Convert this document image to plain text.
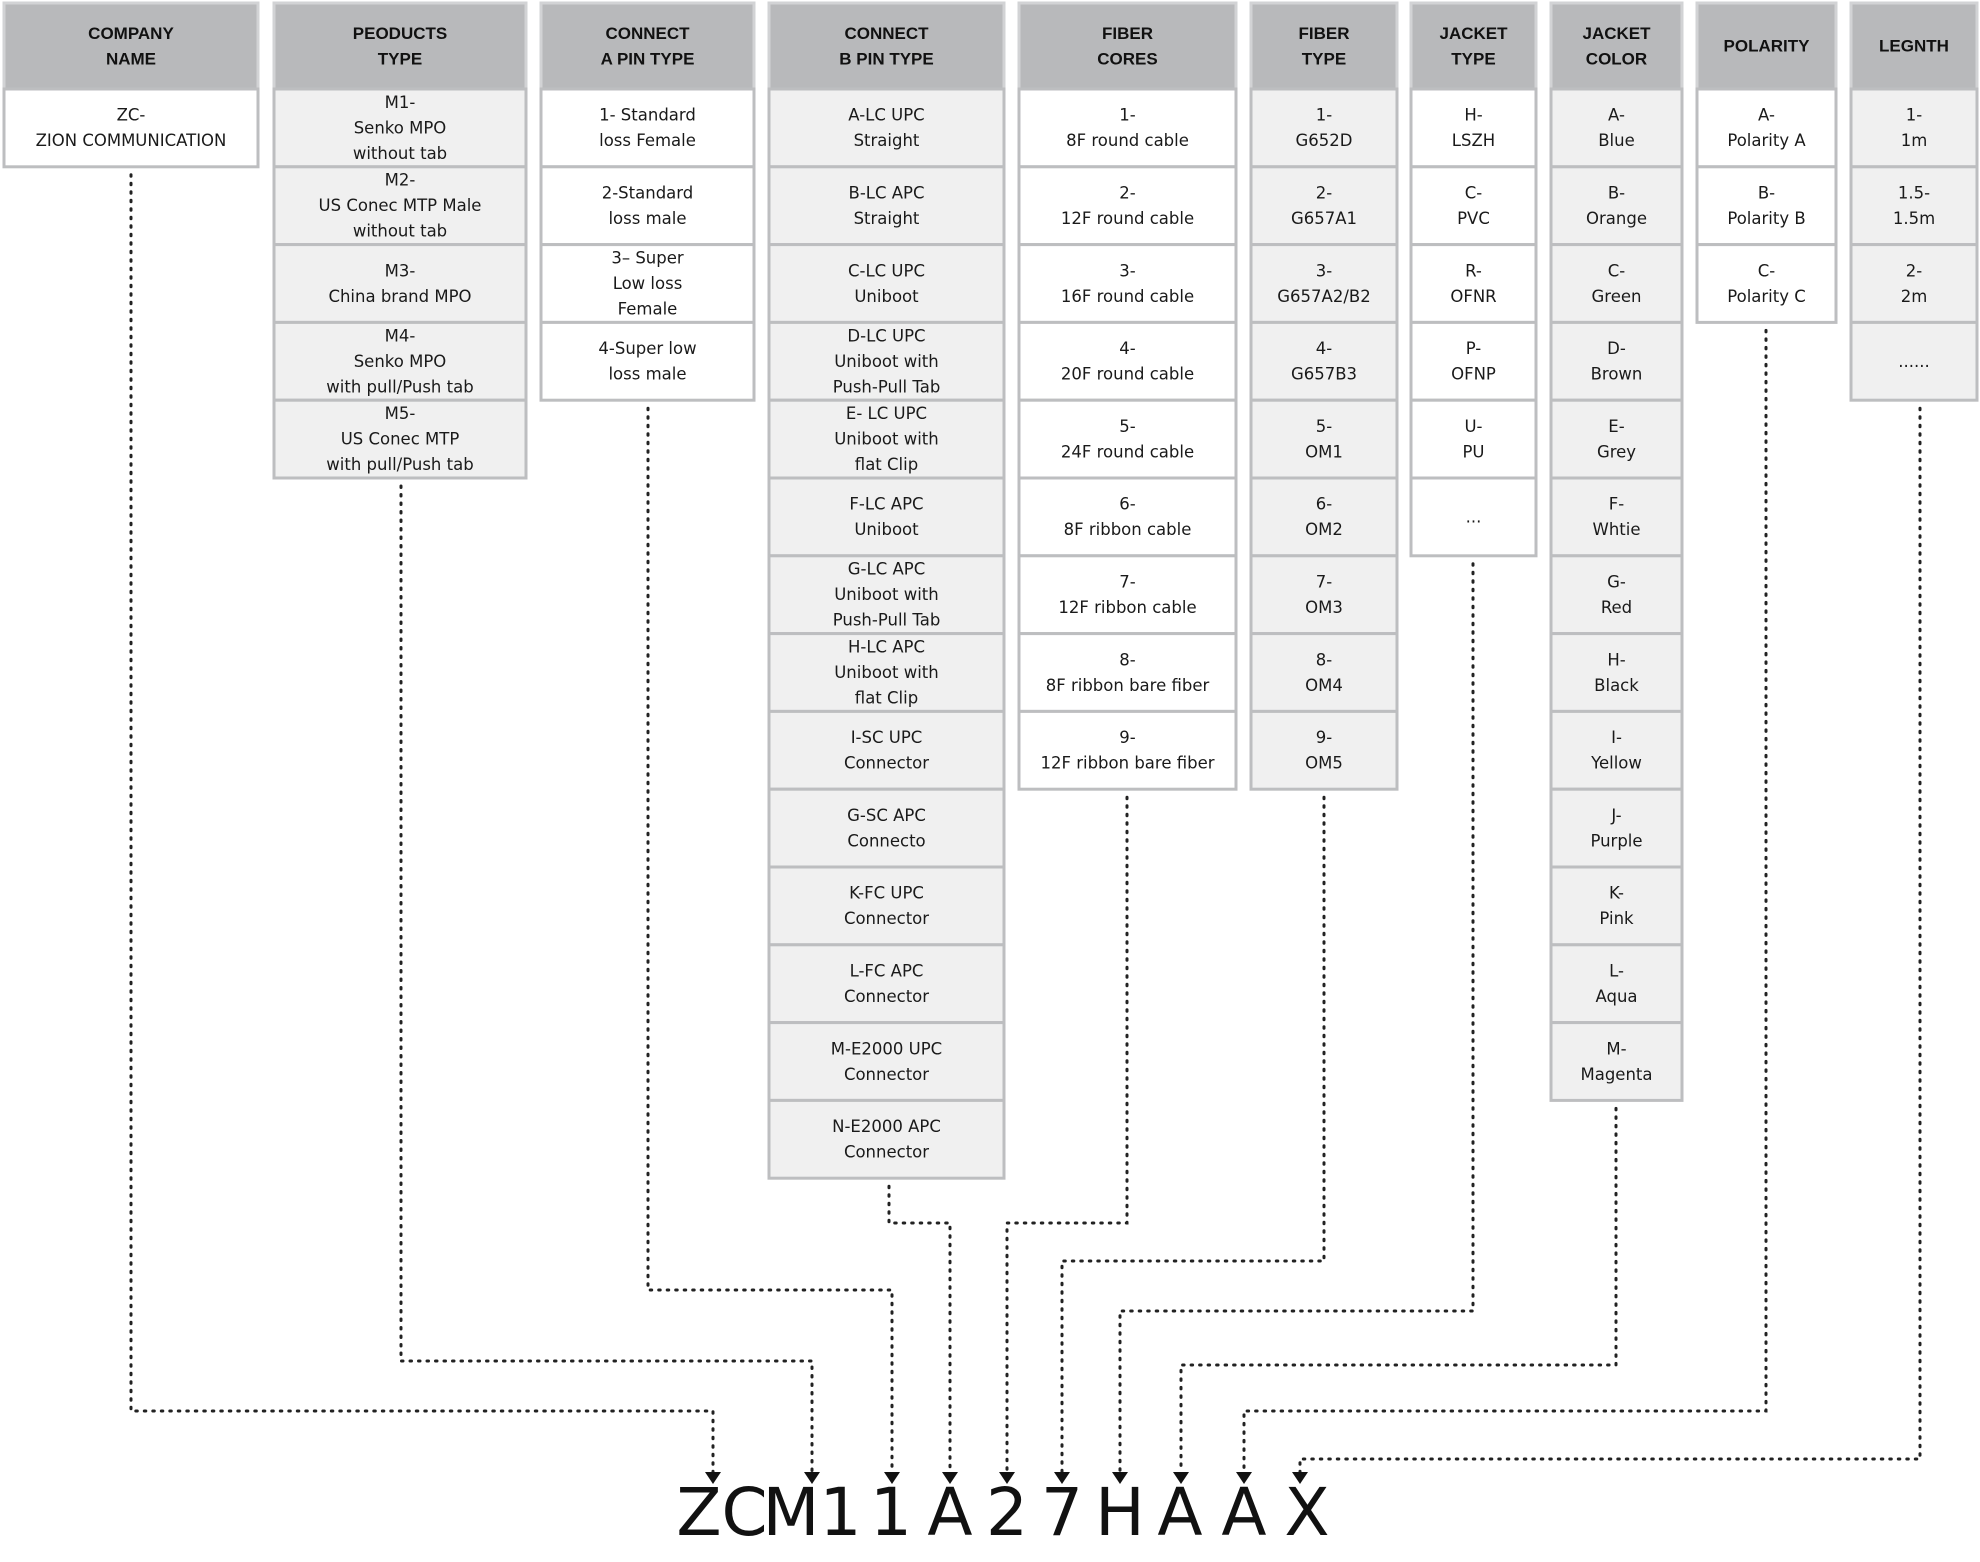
COMPANY
NAME
ZC-
ZION COMMUNICATION
PEODUCTS
TYPE
M1-
Senko MPO
without tab
M2-
US Conec MTP Male
without tab
M3-
China brand MPO
M4-
Senko MPO
with pull/Push tab
M5-
US Conec MTP
with pull/Push tab
CONNECT
A PIN TYPE
1- Standard
loss Female
2-Standard
loss male
3– Super
Low loss
Female
4-Super low
loss male
CONNECT
B PIN TYPE
A-LC UPC
Straight
B-LC APC
Straight
C-LC UPC
Uniboot
D-LC UPC
Uniboot with
Push-Pull Tab
E- LC UPC
Uniboot with
flat Clip
F-LC APC
Uniboot
G-LC APC
Uniboot with
Push-Pull Tab
H-LC APC
Uniboot with
flat Clip
I-SC UPC
Connector
G-SC APC
Connecto
K-FC UPC
Connector
L-FC APC
Connector
M-E2000 UPC
Connector
N-E2000 APC
Connector
FIBER
CORES
1-
8F round cable
2-
12F round cable
3-
16F round cable
4-
20F round cable
5-
24F round cable
6-
8F ribbon cable
7-
12F ribbon cable
8-
8F ribbon bare fiber
9-
12F ribbon bare fiber
FIBER
TYPE
1-
G652D
2-
G657A1
3-
G657A2/B2
4-
G657B3
5-
OM1
6-
OM2
7-
OM3
8-
OM4
9-
OM5
JACKET
TYPE
H-
LSZH
C-
PVC
R-
OFNR
P-
OFNP
U-
PU
...
JACKET
COLOR
A-
Blue
B-
Orange
C-
Green
D-
Brown
E-
Grey
F-
Whtie
G-
Red
H-
Black
I-
Yellow
J-
Purple
K-
Pink
L-
Aqua
M-
Magenta
POLARITY
A-
Polarity A
B-
Polarity B
C-
Polarity C
LEGNTH
1-
1m
1.5-
1.5m
2-
2m
......
ZC
M1 1 A 2 7 H A A X
